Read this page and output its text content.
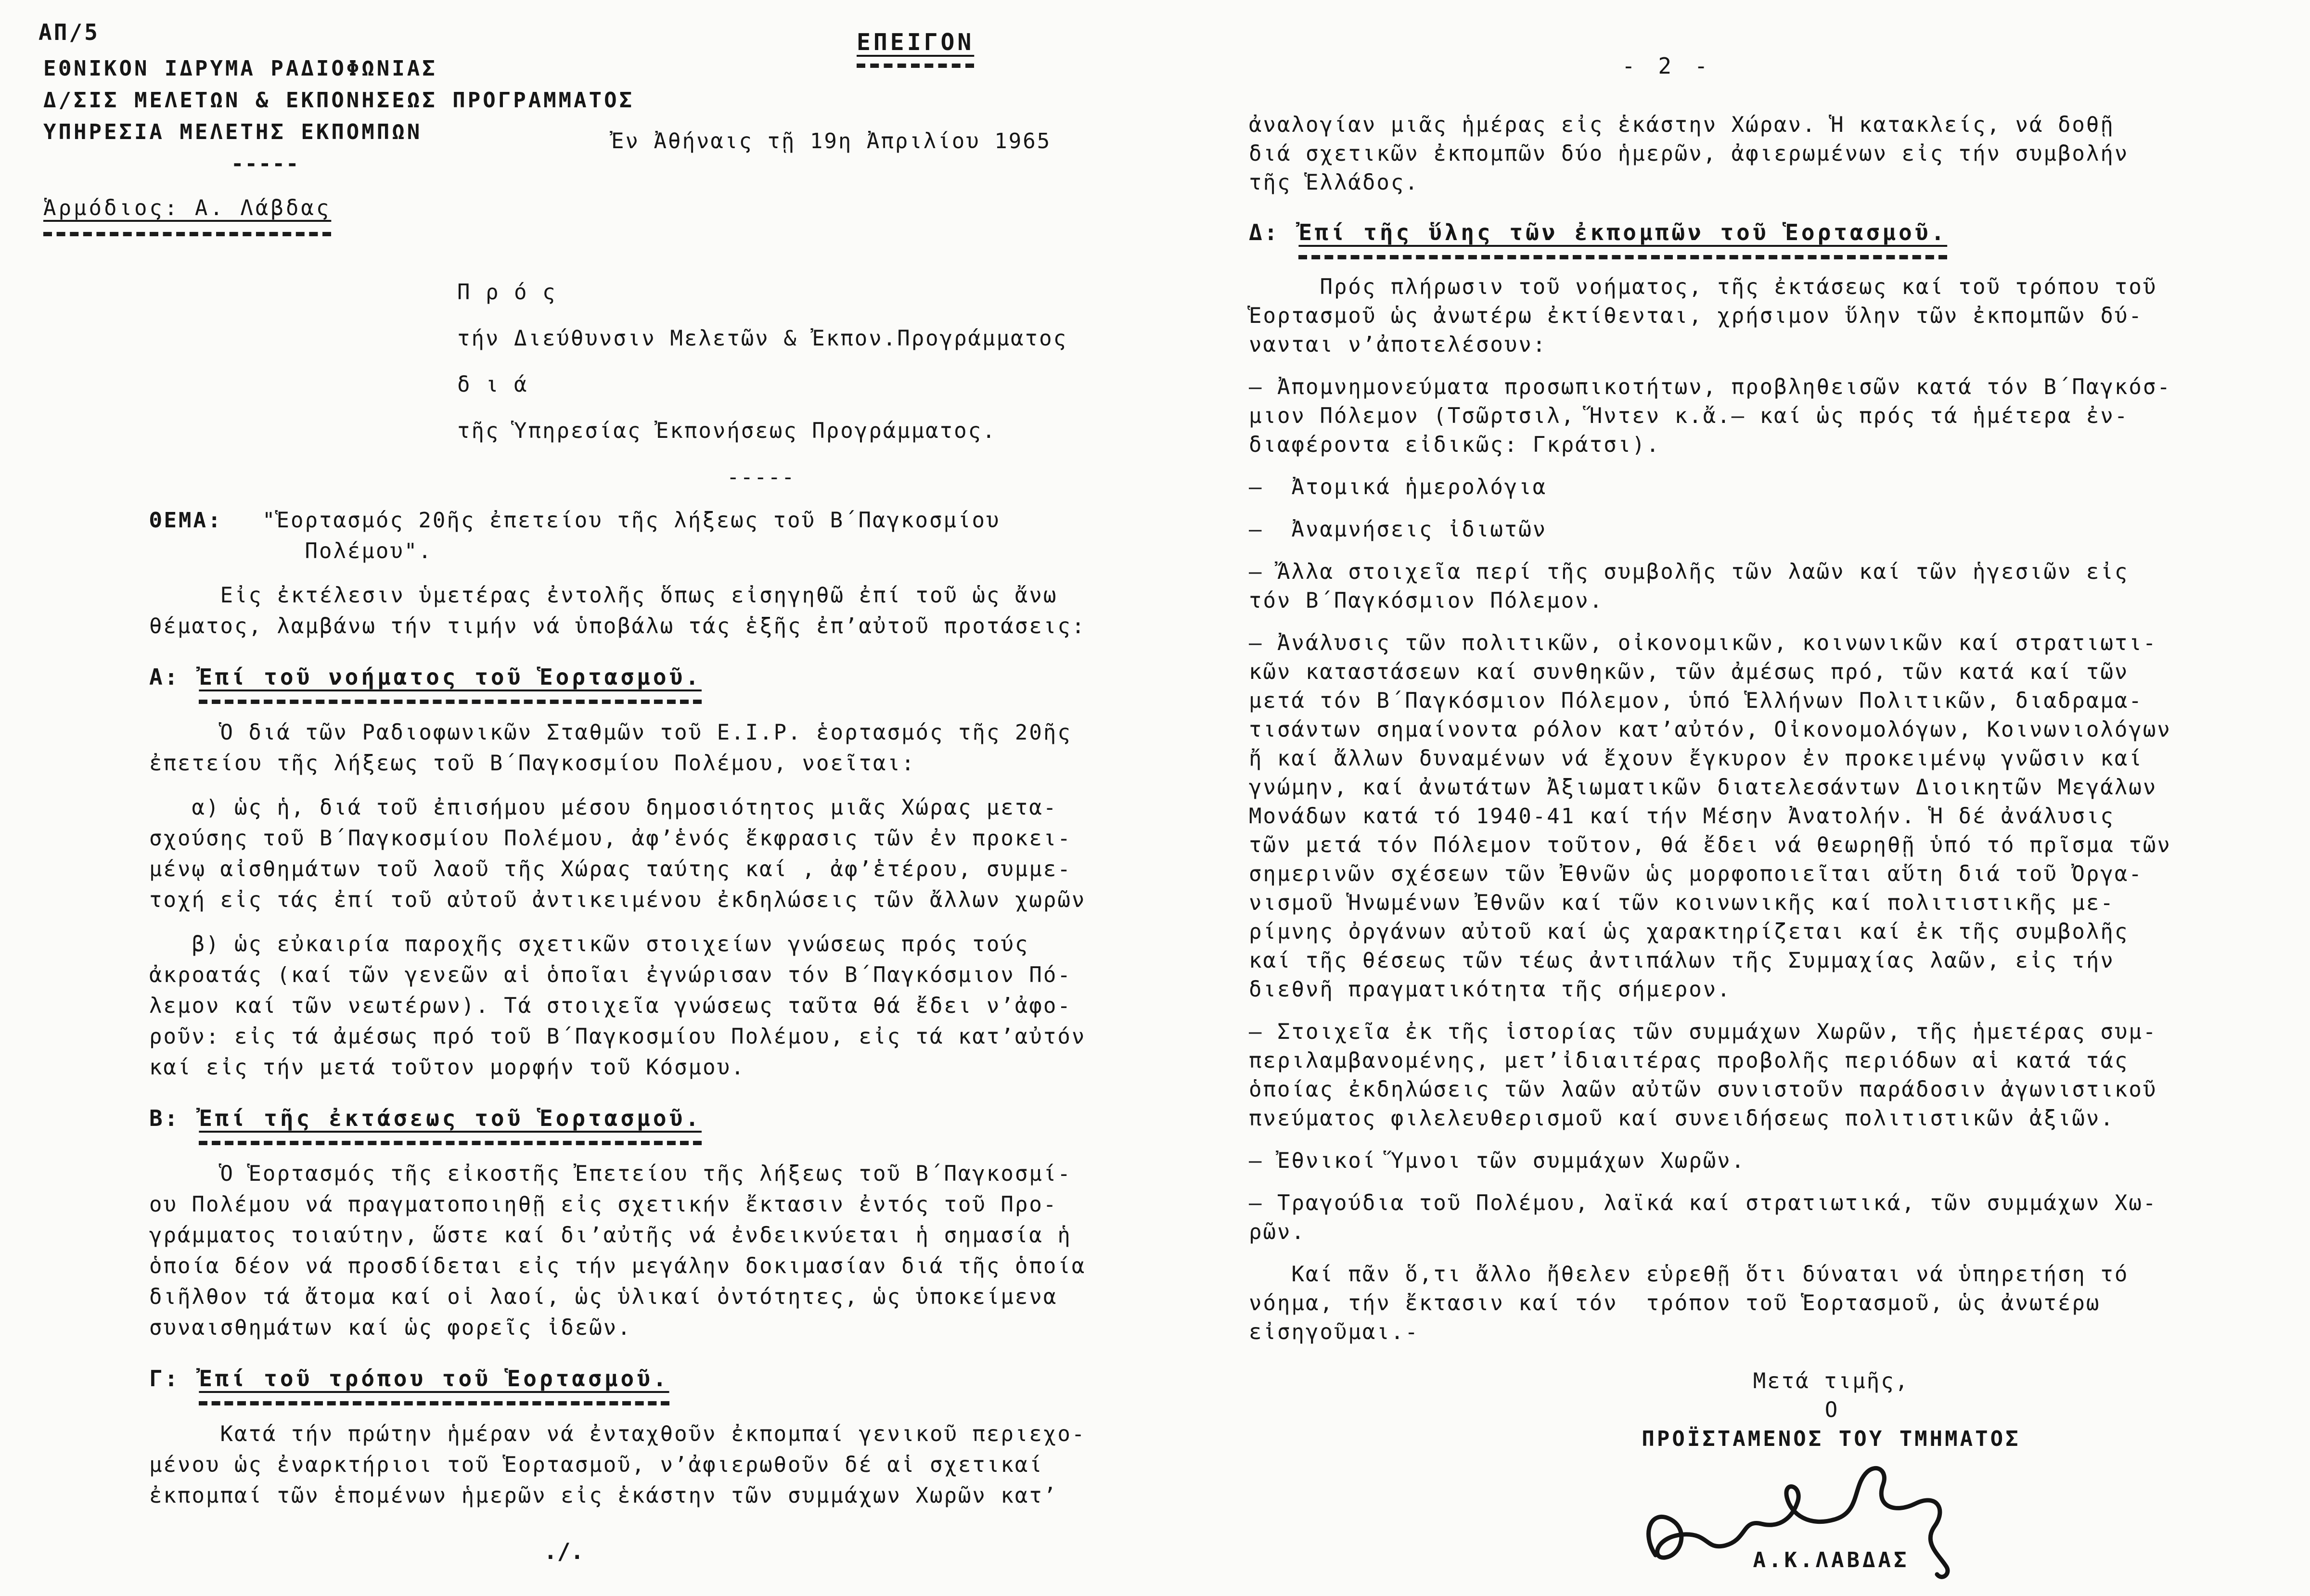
ΑΠ/5	ΕΠΕΙΓΟΝ
ΕΘΝΙΚΟΝ ΙΔΡΥΜΑ ΡΑΔΙΟΦΩΝΙΑΣ
Δ/ΣΙΣ ΜΕΛΕΤΩΝ & ΕΚΠΟΝΗΣΕΩΣ ΠΡΟΓΡΑΜΜΑΤΟΣ
ΥΠΗΡΕΣΙΑ ΜΕΛΕΤΗΣ ΕΚΠΟΜΠΩΝ
-----
Ἁρμόδιος: Α. Λάβδας
Ἐν Ἀθήναις τῇ 19η Ἀπριλίου 1965
Π ρ ό ς
τήν Διεύθυνσιν Μελετῶν & Ἐκπον.Προγράμματος
δ ι ά
τῆς Ὑπηρεσίας Ἐκπονήσεως Προγράμματος.
-----
ΘΕΜΑ:	"Ἑορτασμός 20ῆς ἐπετείου τῆς λήξεως τοῦ Β΄Παγκοσμίου
Πολέμου".
Εἰς ἐκτέλεσιν ὑμετέρας ἐντολῆς ὅπως εἰσηγηθῶ ἐπί τοῦ ὡς ἄνω
θέματος, λαμβάνω τήν τιμήν νά ὑποβάλω τάς ἑξῆς ἐπ’αὐτοῦ προτάσεις:
Α: Ἐπί τοῦ νοήματος τοῦ Ἑορτασμοῦ.
Ὁ διά τῶν Ραδιοφωνικῶν Σταθμῶν τοῦ Ε.Ι.Ρ. ἑορτασμός τῆς 20ῆς
ἐπετείου τῆς λήξεως τοῦ Β΄Παγκοσμίου Πολέμου, νοεῖται:
α) ὡς ἡ, διά τοῦ ἐπισήμου μέσου δημοσιότητος μιᾶς Χώρας μετα-
σχούσης τοῦ Β΄Παγκοσμίου Πολέμου, ἀφ’ἑνός ἔκφρασις τῶν ἐν προκει-
μένῳ αἰσθημάτων τοῦ λαοῦ τῆς Χώρας ταύτης καί , ἀφ’ἑτέρου, συμμε-
τοχή εἰς τάς ἐπί τοῦ αὐτοῦ ἀντικειμένου ἐκδηλώσεις τῶν ἄλλων χωρῶν
β) ὡς εὐκαιρία παροχῆς σχετικῶν στοιχείων γνώσεως πρός τούς
ἀκροατάς (καί τῶν γενεῶν αἱ ὁποῖαι ἐγνώρισαν τόν Β΄Παγκόσμιον Πό-
λεμον καί τῶν νεωτέρων). Τά στοιχεῖα γνώσεως ταῦτα θά ἔδει ν’ἀφο-
ροῦν: εἰς τά ἀμέσως πρό τοῦ Β΄Παγκοσμίου Πολέμου, εἰς τά κατ’αὐτόν
καί εἰς τήν μετά τοῦτον μορφήν τοῦ Κόσμου.
Β: Ἐπί τῆς ἐκτάσεως τοῦ Ἑορτασμοῦ.
Ὁ Ἑορτασμός τῆς εἰκοστῆς Ἐπετείου τῆς λήξεως τοῦ Β΄Παγκοσμί-
ου Πολέμου νά πραγματοποιηθῇ εἰς σχετικήν ἔκτασιν ἐντός τοῦ Προ-
γράμματος τοιαύτην, ὥστε καί δι’αὐτῆς νά ἐνδεικνύεται ἡ σημασία ἡ
ὁποία δέον νά προσδίδεται εἰς τήν μεγάλην δοκιμασίαν διά τῆς ὁποία
διῆλθον τά ἄτομα καί οἱ λαοί, ὡς ὑλικαί ὀντότητες, ὡς ὑποκείμενα
συναισθημάτων καί ὡς φορεῖς ἰδεῶν.
Γ: Ἐπί τοῦ τρόπου τοῦ Ἑορτασμοῦ.
Κατά τήν πρώτην ἡμέραν νά ἐνταχθοῦν ἐκπομπαί γενικοῦ περιεχο-
μένου ὡς ἐναρκτήριοι τοῦ Ἑορτασμοῦ, ν’ἀφιερωθοῦν δέ αἱ σχετικαί
ἐκπομπαί τῶν ἑπομένων ἡμερῶν εἰς ἑκάστην τῶν συμμάχων Χωρῶν κατ’
./.
- 2 -
ἀναλογίαν μιᾶς ἡμέρας εἰς ἑκάστην Χώραν. Ἡ κατακλείς, νά δοθῇ
διά σχετικῶν ἐκπομπῶν δύο ἡμερῶν, ἀφιερωμένων εἰς τήν συμβολήν
τῆς Ἑλλάδος.
Δ: Ἐπί τῆς ὕλης τῶν ἐκπομπῶν τοῦ Ἑορτασμοῦ.
Πρός πλήρωσιν τοῦ νοήματος, τῆς ἐκτάσεως καί τοῦ τρόπου τοῦ
Ἑορτασμοῦ ὡς ἀνωτέρω ἐκτίθενται, χρήσιμον ὕλην τῶν ἐκπομπῶν δύ-
νανται ν’ἀποτελέσουν:
– Ἀπομνημονεύματα προσωπικοτήτων, προβληθεισῶν κατά τόν Β΄Παγκόσ-
μιον Πόλεμον (Τσῶρτσιλ, Ἥντεν κ.ἄ.– καί ὡς πρός τά ἡμέτερα ἐν-
διαφέροντα εἰδικῶς: Γκράτσι).
–  Ἀτομικά ἡμερολόγια
–  Ἀναμνήσεις ἰδιωτῶν
– Ἄλλα στοιχεῖα περί τῆς συμβολῆς τῶν λαῶν καί τῶν ἡγεσιῶν εἰς
τόν Β΄Παγκόσμιον Πόλεμον.
– Ἀνάλυσις τῶν πολιτικῶν, οἰκονομικῶν, κοινωνικῶν καί στρατιωτι-
κῶν καταστάσεων καί συνθηκῶν, τῶν ἀμέσως πρό, τῶν κατά καί τῶν
μετά τόν Β΄Παγκόσμιον Πόλεμον, ὑπό Ἑλλήνων Πολιτικῶν, διαδραμα-
τισάντων σημαίνοντα ρόλον κατ’αὐτόν, Οἰκονομολόγων, Κοινωνιολόγων
ἤ καί ἄλλων δυναμένων νά ἔχουν ἔγκυρον ἐν προκειμένῳ γνῶσιν καί
γνώμην, καί ἀνωτάτων Ἀξιωματικῶν διατελεσάντων Διοικητῶν Μεγάλων
Μονάδων κατά τό 1940-41 καί τήν Μέσην Ἀνατολήν. Ἡ δέ ἀνάλυσις
τῶν μετά τόν Πόλεμον τοῦτον, θά ἔδει νά θεωρηθῇ ὑπό τό πρῖσμα τῶν
σημερινῶν σχέσεων τῶν Ἐθνῶν ὡς μορφοποιεῖται αὕτη διά τοῦ Ὀργα-
νισμοῦ Ἡνωμένων Ἐθνῶν καί τῶν κοινωνικῆς καί πολιτιστικῆς με-
ρίμνης ὀργάνων αὐτοῦ καί ὡς χαρακτηρίζεται καί ἐκ τῆς συμβολῆς
καί τῆς θέσεως τῶν τέως ἀντιπάλων τῆς Συμμαχίας λαῶν, εἰς τήν
διεθνῆ πραγματικότητα τῆς σήμερον.
– Στοιχεῖα ἐκ τῆς ἱστορίας τῶν συμμάχων Χωρῶν, τῆς ἡμετέρας συμ-
περιλαμβανομένης, μετ’ἰδιαιτέρας προβολῆς περιόδων αἱ κατά τάς
ὁποίας ἐκδηλώσεις τῶν λαῶν αὐτῶν συνιστοῦν παράδοσιν ἀγωνιστικοῦ
πνεύματος φιλελευθερισμοῦ καί συνειδήσεως πολιτιστικῶν ἀξιῶν.
– Ἐθνικοί Ὕμνοι τῶν συμμάχων Χωρῶν.
– Τραγούδια τοῦ Πολέμου, λαϊκά καί στρατιωτικά, τῶν συμμάχων Χω-
ρῶν.
Καί πᾶν ὅ,τι ἄλλο ἤθελεν εὑρεθῇ ὅτι δύναται νά ὑπηρετήση τό
νόημα, τήν ἔκτασιν καί τόν  τρόπον τοῦ Ἑορτασμοῦ, ὡς ἀνωτέρω
εἰσηγοῦμαι.-
Μετά τιμῆς,
Ο
ΠΡΟΪΣΤΑΜΕΝΟΣ ΤΟΥ ΤΜΗΜΑΤΟΣ
Α.Κ.ΛΑΒΔΑΣ
